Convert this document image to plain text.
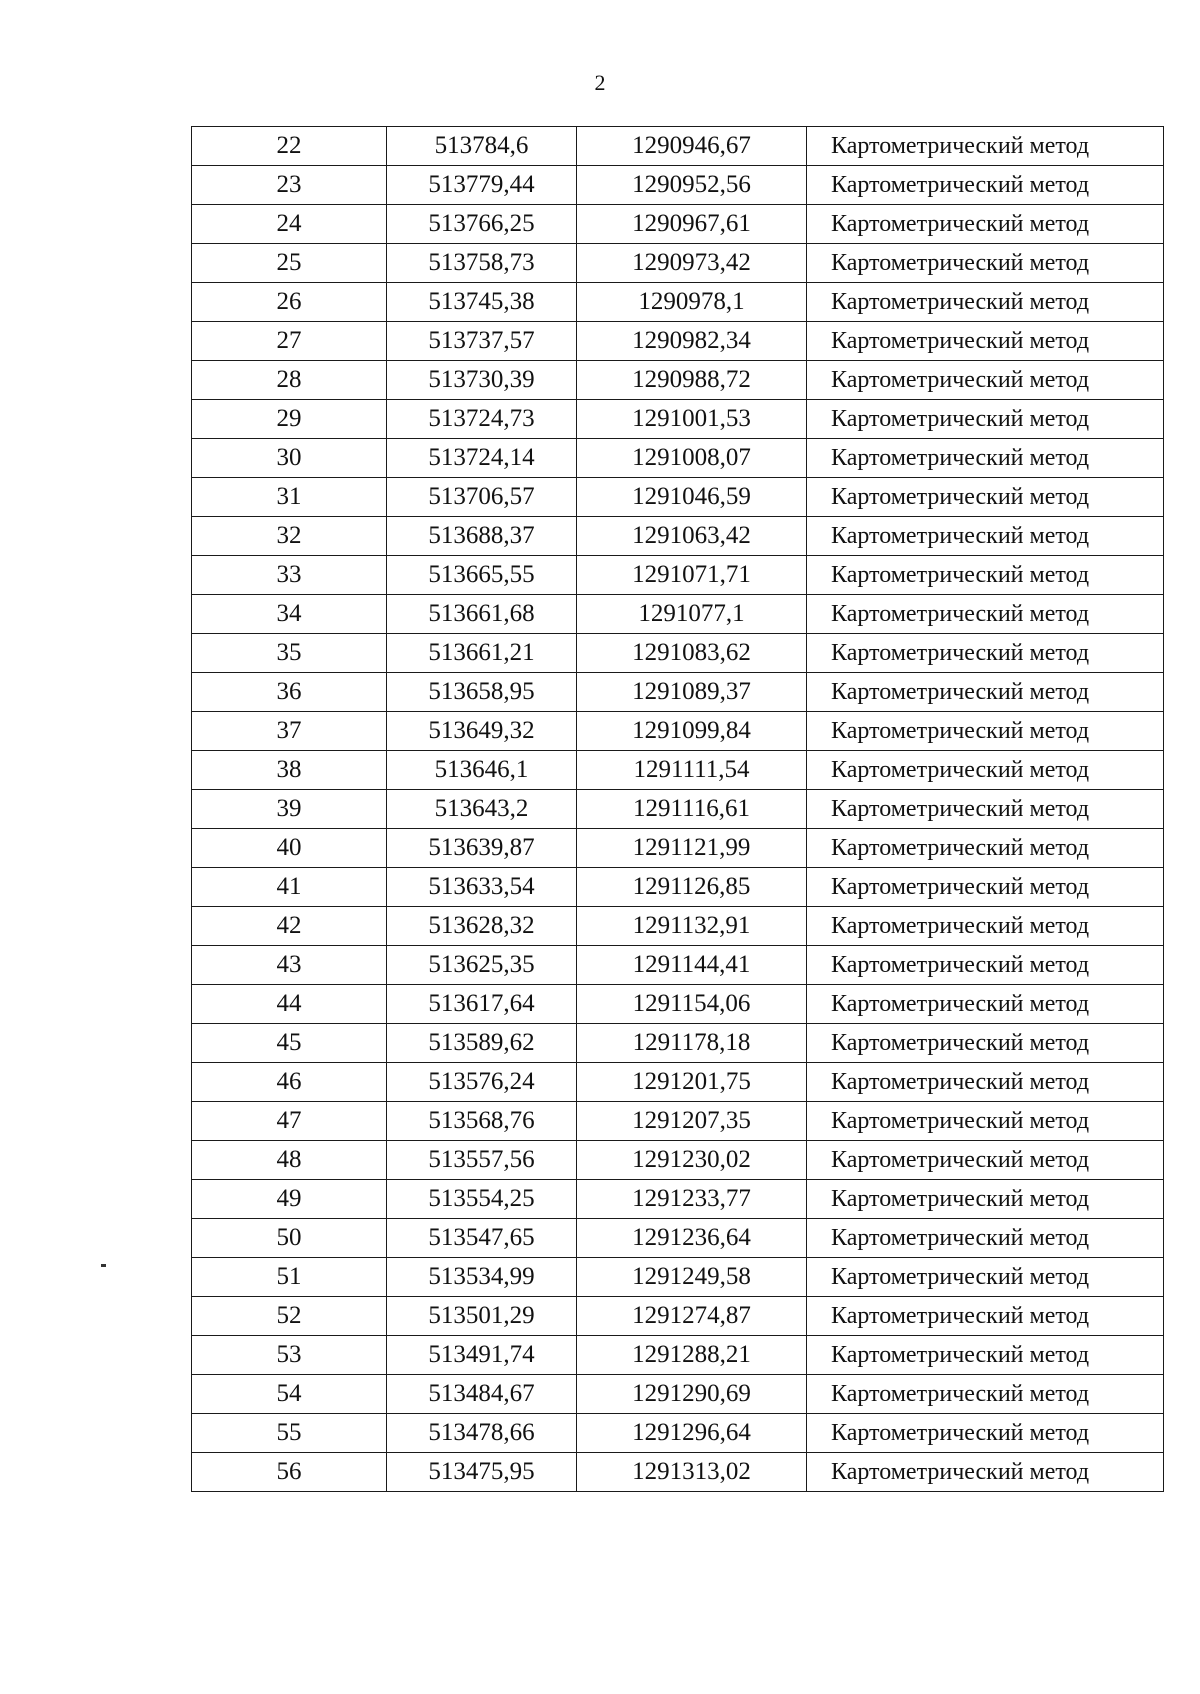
2
22	513784,6	1290946,67	Картометрический метод
23	513779,44	1290952,56	Картометрический метод
24	513766,25	1290967,61	Картометрический метод
25	513758,73	1290973,42	Картометрический метод
26	513745,38	1290978,1	Картометрический метод
27	513737,57	1290982,34	Картометрический метод
28	513730,39	1290988,72	Картометрический метод
29	513724,73	1291001,53	Картометрический метод
30	513724,14	1291008,07	Картометрический метод
31	513706,57	1291046,59	Картометрический метод
32	513688,37	1291063,42	Картометрический метод
33	513665,55	1291071,71	Картометрический метод
34	513661,68	1291077,1	Картометрический метод
35	513661,21	1291083,62	Картометрический метод
36	513658,95	1291089,37	Картометрический метод
37	513649,32	1291099,84	Картометрический метод
38	513646,1	1291111,54	Картометрический метод
39	513643,2	1291116,61	Картометрический метод
40	513639,87	1291121,99	Картометрический метод
41	513633,54	1291126,85	Картометрический метод
42	513628,32	1291132,91	Картометрический метод
43	513625,35	1291144,41	Картометрический метод
44	513617,64	1291154,06	Картометрический метод
45	513589,62	1291178,18	Картометрический метод
46	513576,24	1291201,75	Картометрический метод
47	513568,76	1291207,35	Картометрический метод
48	513557,56	1291230,02	Картометрический метод
49	513554,25	1291233,77	Картометрический метод
50	513547,65	1291236,64	Картометрический метод
51	513534,99	1291249,58	Картометрический метод
52	513501,29	1291274,87	Картометрический метод
53	513491,74	1291288,21	Картометрический метод
54	513484,67	1291290,69	Картометрический метод
55	513478,66	1291296,64	Картометрический метод
56	513475,95	1291313,02	Картометрический метод
